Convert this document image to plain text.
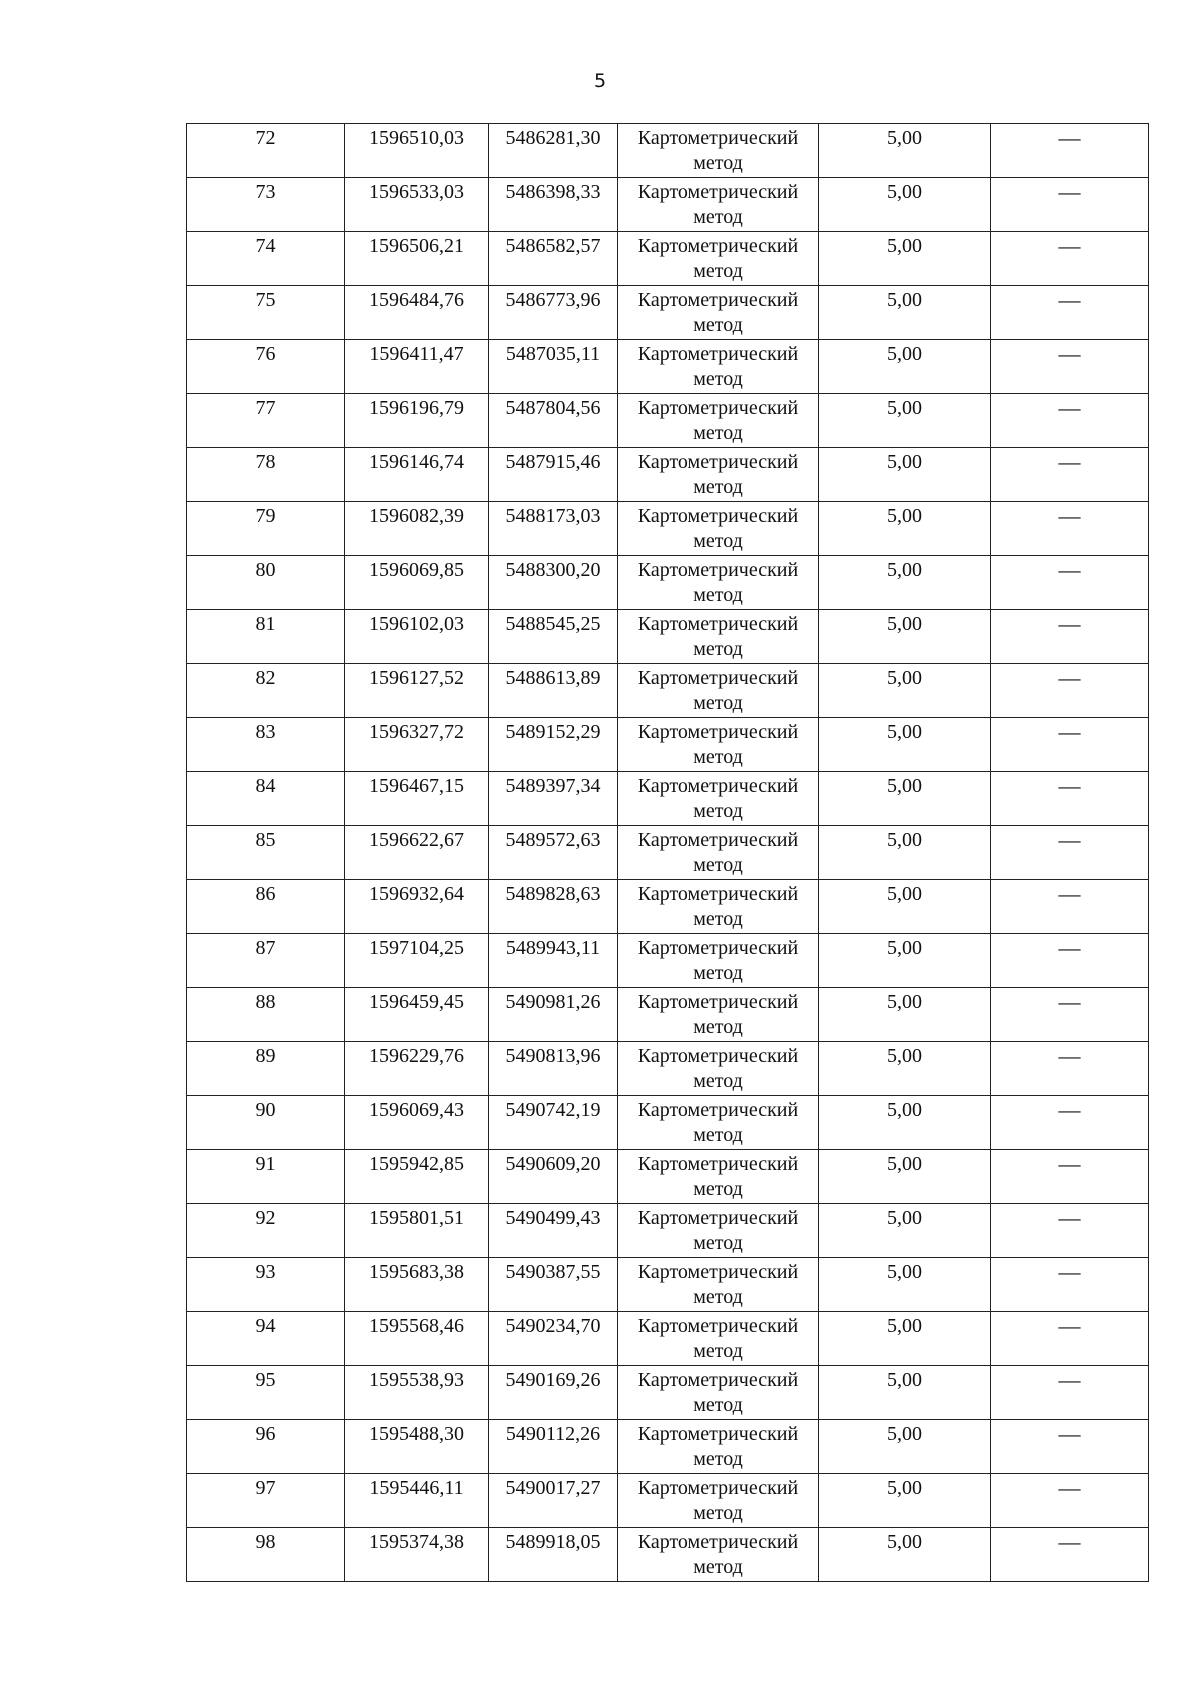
5
72	1596510,03	5486281,30	Картометрический метод	5,00	—

73	1596533,03	5486398,33	Картометрический метод	5,00	—

74	1596506,21	5486582,57	Картометрический метод	5,00	—

75	1596484,76	5486773,96	Картометрический метод	5,00	—

76	1596411,47	5487035,11	Картометрический метод	5,00	—

77	1596196,79	5487804,56	Картометрический метод	5,00	—

78	1596146,74	5487915,46	Картометрический метод	5,00	—

79	1596082,39	5488173,03	Картометрический метод	5,00	—

80	1596069,85	5488300,20	Картометрический метод	5,00	—

81	1596102,03	5488545,25	Картометрический метод	5,00	—

82	1596127,52	5488613,89	Картометрический метод	5,00	—

83	1596327,72	5489152,29	Картометрический метод	5,00	—

84	1596467,15	5489397,34	Картометрический метод	5,00	—

85	1596622,67	5489572,63	Картометрический метод	5,00	—

86	1596932,64	5489828,63	Картометрический метод	5,00	—

87	1597104,25	5489943,11	Картометрический метод	5,00	—

88	1596459,45	5490981,26	Картометрический метод	5,00	—

89	1596229,76	5490813,96	Картометрический метод	5,00	—

90	1596069,43	5490742,19	Картометрический метод	5,00	—

91	1595942,85	5490609,20	Картометрический метод	5,00	—

92	1595801,51	5490499,43	Картометрический метод	5,00	—

93	1595683,38	5490387,55	Картометрический метод	5,00	—

94	1595568,46	5490234,70	Картометрический метод	5,00	—

95	1595538,93	5490169,26	Картометрический метод	5,00	—

96	1595488,30	5490112,26	Картометрический метод	5,00	—

97	1595446,11	5490017,27	Картометрический метод	5,00	—

98	1595374,38	5489918,05	Картометрический метод	5,00	—
